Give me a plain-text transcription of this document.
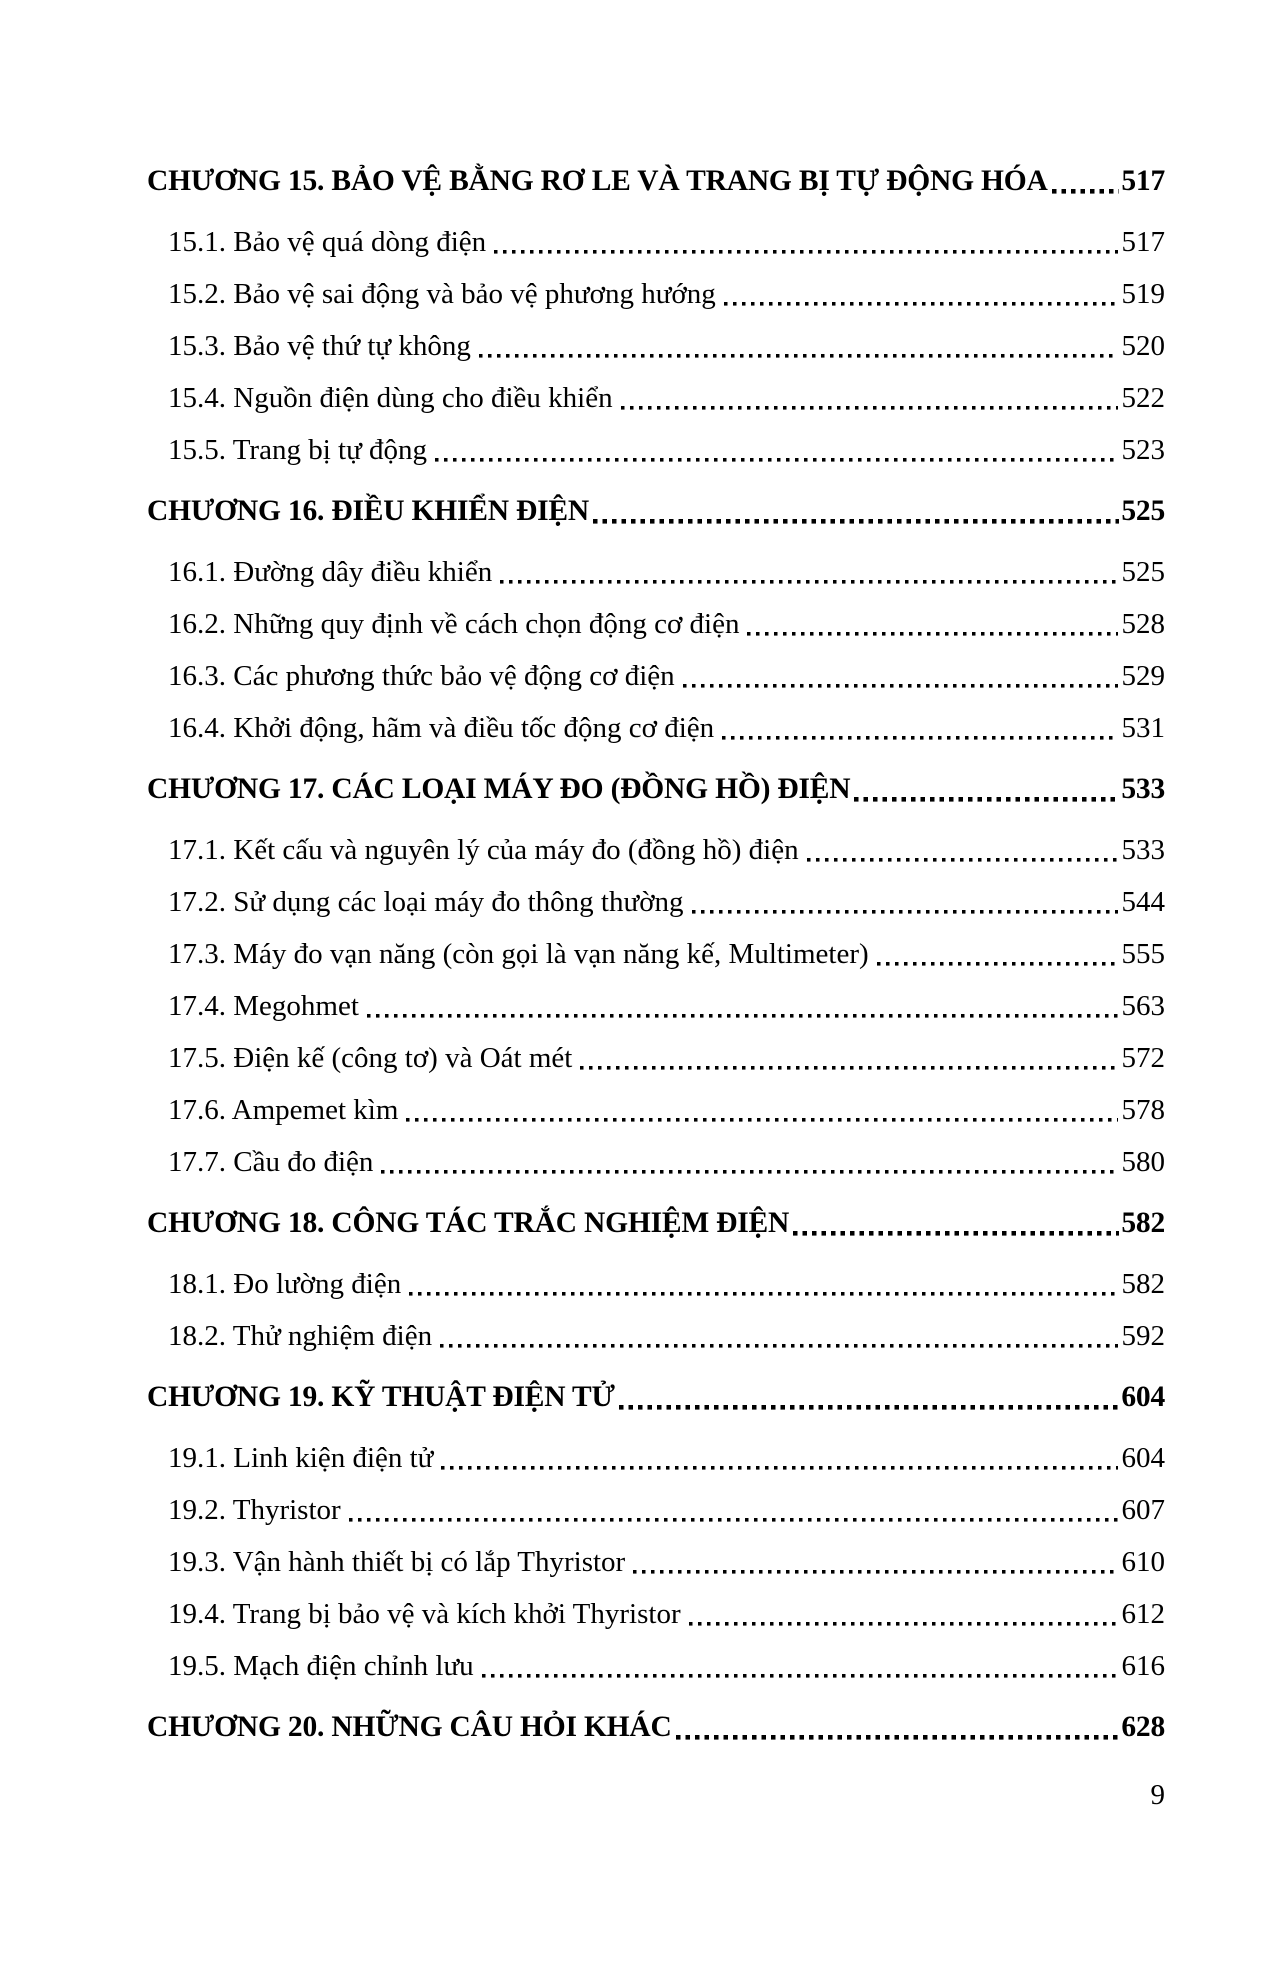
CHƯƠNG 15. BẢO VỆ BẰNG RƠ LE VÀ TRANG BỊ TỰ ĐỘNG HÓA 517
15.1. Bảo vệ quá dòng điện	517
15.2. Bảo vệ sai động và bảo vệ phương hướng	519
15.3. Bảo vệ thứ tự không	520
15.4. Nguồn điện dùng cho điều khiển	522
15.5. Trang bị tự động	523
CHƯƠNG 16. ĐIỀU KHIỂN ĐIỆN	525
16.1. Đường dây điều khiển	525
16.2. Những quy định về cách chọn động cơ điện	528
16.3. Các phương thức bảo vệ động cơ điện	529
16.4. Khởi động, hãm và điều tốc động cơ điện	531
CHƯƠNG 17. CÁC LOẠI MÁY ĐO (ĐỒNG HỒ) ĐIỆN	533
17.1. Kết cấu và nguyên lý của máy đo (đồng hồ) điện	533
17.2. Sử dụng các loại máy đo thông thường	544
17.3. Máy đo vạn năng (còn gọi là vạn năng kế, Multimeter)	555
17.4. Megohmet	563
17.5. Điện kế (công tơ) và Oát mét	572
17.6. Ampemet kìm	578
17.7. Cầu đo điện	580
CHƯƠNG 18. CÔNG TÁC TRẮC NGHIỆM ĐIỆN	582
18.1. Đo lường điện	582
18.2. Thử nghiệm điện	592
CHƯƠNG 19. KỸ THUẬT ĐIỆN TỬ	604
19.1. Linh kiện điện tử	604
19.2. Thyristor	607
19.3. Vận hành thiết bị có lắp Thyristor	610
19.4. Trang bị bảo vệ và kích khởi Thyristor	612
19.5. Mạch điện chỉnh lưu	616
CHƯƠNG 20. NHỮNG CÂU HỎI KHÁC	628
9
